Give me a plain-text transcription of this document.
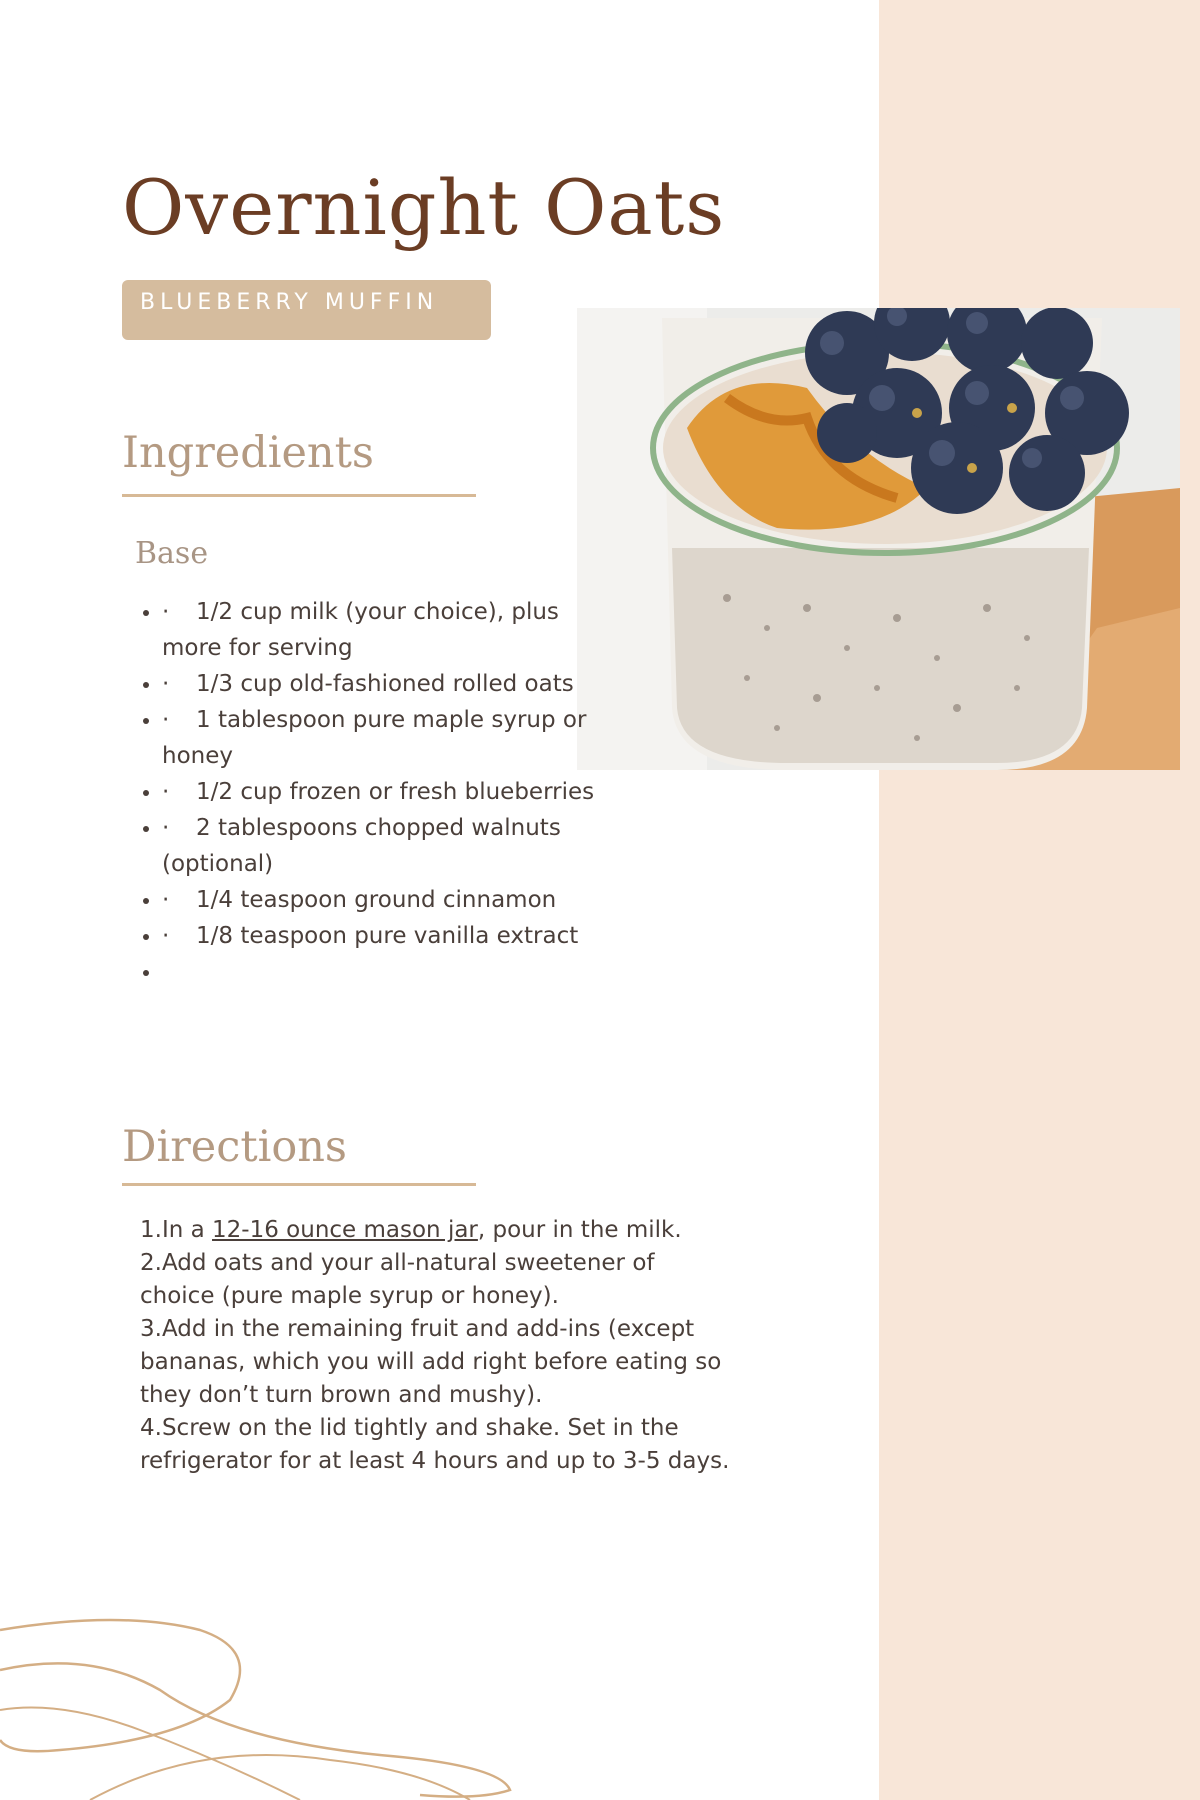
Overnight Oats
BLUEBERRY MUFFIN
Ingredients
Base
• · 1/2 cup milk (your choice), plus more for serving
• · 1/3 cup old-fashioned rolled oats
• · 1 tablespoon pure maple syrup or honey
• · 1/2 cup frozen or fresh blueberries
• · 2 tablespoons chopped walnuts (optional)
• · 1/4 teaspoon ground cinnamon
• · 1/8 teaspoon pure vanilla extract
•
Directions

1.In a 12-16 ounce mason jar, pour in the milk.

2.Add oats and your all-natural sweetener of choice (pure maple syrup or honey).

3.Add in the remaining fruit and add-ins (except bananas, which you will add right before eating so they don’t turn brown and mushy).

4.Screw on the lid tightly and shake. Set in the refrigerator for at least 4 hours and up to 3-5 days.
